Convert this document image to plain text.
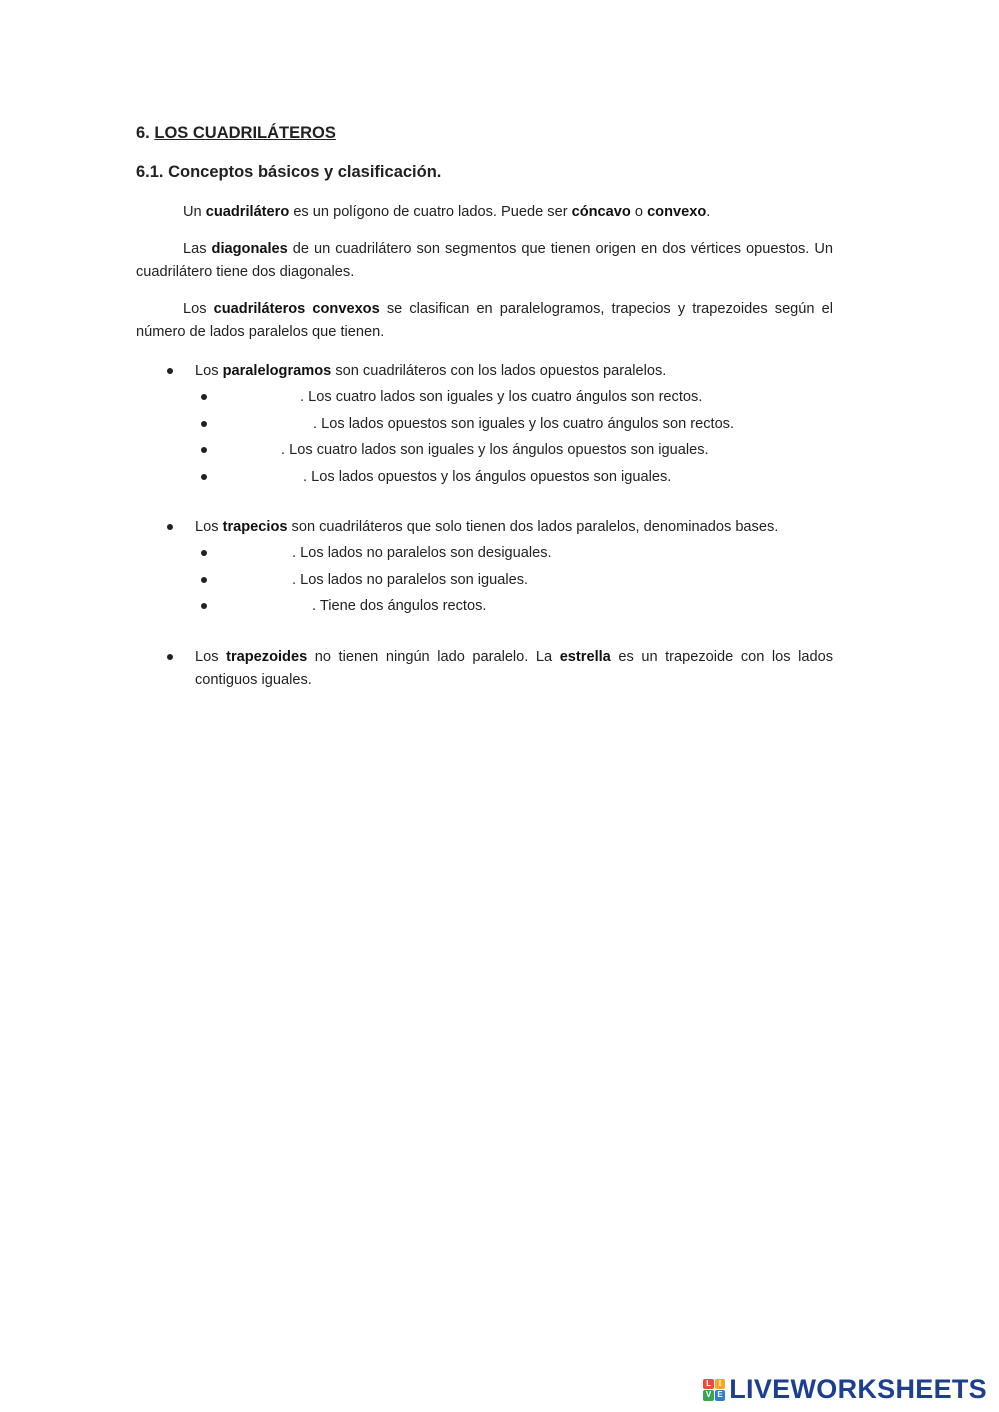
6. LOS CUADRILÁTEROS
6.1. Conceptos básicos y clasificación.
Un cuadrilátero es un polígono de cuatro lados. Puede ser cóncavo o convexo.
Las diagonales de un cuadrilátero son segmentos que tienen origen en dos vértices opuestos. Un cuadrilátero tiene dos diagonales.
Los cuadriláteros convexos se clasifican en paralelogramos, trapecios y trapezoides según el número de lados paralelos que tienen.
Los paralelogramos son cuadriláteros con los lados opuestos paralelos.
. Los cuatro lados son iguales y los cuatro ángulos son rectos.
. Los lados opuestos son iguales y los cuatro ángulos son rectos.
. Los cuatro lados son iguales y los ángulos opuestos son iguales.
. Los lados opuestos y los ángulos opuestos son iguales.
Los trapecios son cuadriláteros que solo tienen dos lados paralelos, denominados bases.
. Los lados no paralelos son desiguales.
. Los lados no paralelos son iguales.
. Tiene dos ángulos rectos.
Los trapezoides no tienen ningún lado paralelo. La estrella es un trapezoide con los lados contiguos iguales.
L I
V E LIVEWORKSHEETS
